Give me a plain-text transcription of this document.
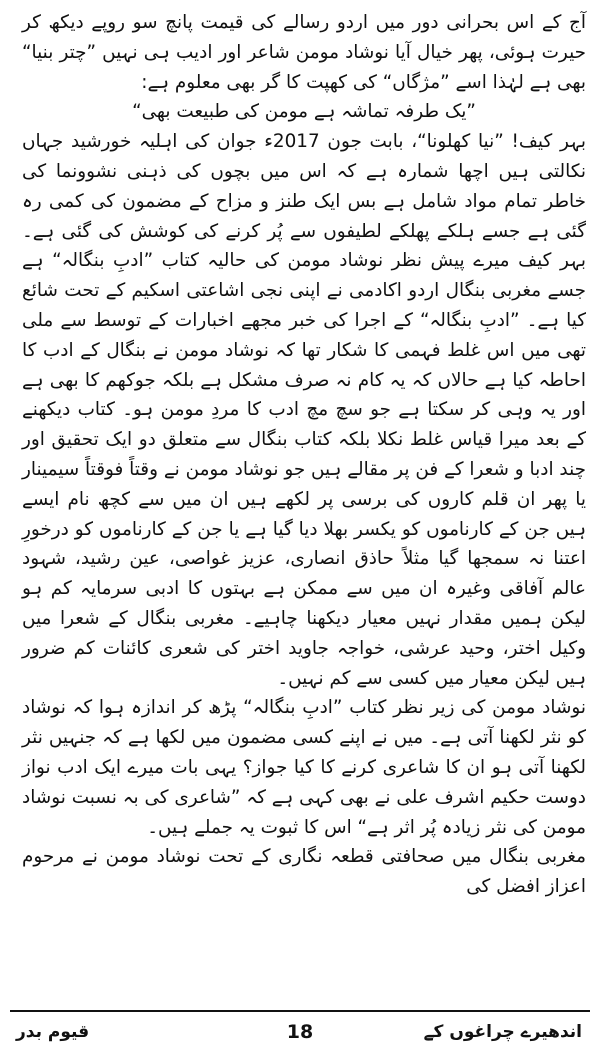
آج کے اس بحرانی دور میں اردو رسالے کی قیمت پانچ سو روپے دیکھ کر حیرت ہوئی، پھر خیال آیا نوشاد مومن شاعر اور ادیب ہی نہیں ”چتر بنیا“ بھی ہے لہٰذا اسے ”مژگاں“ کی کھپت کا گر بھی معلوم ہے:

”یک طرفہ تماشہ ہے مومن کی طبیعت بھی“

بہر کیف! ”نیا کھلونا“، بابت جون 2017ء جوان کی اہلیہ خورشید جہاں نکالتی ہیں اچھا شمارہ ہے کہ اس میں بچوں کی ذہنی نشوونما کی خاطر تمام مواد شامل ہے بس ایک طنز و مزاح کے مضمون کی کمی رہ گئی ہے جسے ہلکے پھلکے لطیفوں سے پُر کرنے کی کوشش کی گئی ہے۔ بہر کیف میرے پیش نظر نوشاد مومن کی حالیہ کتاب ”ادبِ بنگالہ“ ہے جسے مغربی بنگال اردو اکادمی نے اپنی نجی اشاعتی اسکیم کے تحت شائع کیا ہے۔ ”ادبِ بنگالہ“ کے اجرا کی خبر مجھے اخبارات کے توسط سے ملی تھی میں اس غلط فہمی کا شکار تھا کہ نوشاد مومن نے بنگال کے ادب کا احاطہ کیا ہے حالاں کہ یہ کام نہ صرف مشکل ہے بلکہ جوکھم کا بھی ہے اور یہ وہی کر سکتا ہے جو سچ مچ ادب کا مردِ مومن ہو۔ کتاب دیکھنے کے بعد میرا قیاس غلط نکلا بلکہ کتاب بنگال سے متعلق دو ایک تحقیق اور چند ادبا و شعرا کے فن پر مقالے ہیں جو نوشاد مومن نے وقتاً فوقتاً سیمینار یا پھر ان قلم کاروں کی برسی پر لکھے ہیں ان میں سے کچھ نام ایسے ہیں جن کے کارناموں کو یکسر بھلا دیا گیا ہے یا جن کے کارناموں کو درخورِ اعتنا نہ سمجھا گیا مثلاً حاذق انصاری، عزیز غواصی، عین رشید، شہود عالم آفاقی وغیرہ ان میں سے ممکن ہے بہتوں کا ادبی سرمایہ کم ہو لیکن ہمیں مقدار نہیں معیار دیکھنا چاہیے۔ مغربی بنگال کے شعرا میں وکیل اختر، وحید عرشی، خواجہ جاوید اختر کی شعری کائنات کم ضرور ہیں لیکن معیار میں کسی سے کم نہیں۔

نوشاد مومن کی زیر نظر کتاب ”ادبِ بنگالہ“ پڑھ کر اندازہ ہوا کہ نوشاد کو نثر لکھنا آتی ہے۔ میں نے اپنے کسی مضمون میں لکھا ہے کہ جنہیں نثر لکھنا آتی ہو ان کا شاعری کرنے کا کیا جواز؟ یہی بات میرے ایک ادب نواز دوست حکیم اشرف علی نے بھی کہی ہے کہ ”شاعری کی بہ نسبت نوشاد مومن کی نثر زیادہ پُر اثر ہے“ اس کا ثبوت یہ جملے ہیں۔

مغربی بنگال میں صحافتی قطعہ نگاری کے تحت نوشاد مومن نے مرحوم اعزاز افضل کی

اندھیرے چراغوں کے
18
قیوم بدر
